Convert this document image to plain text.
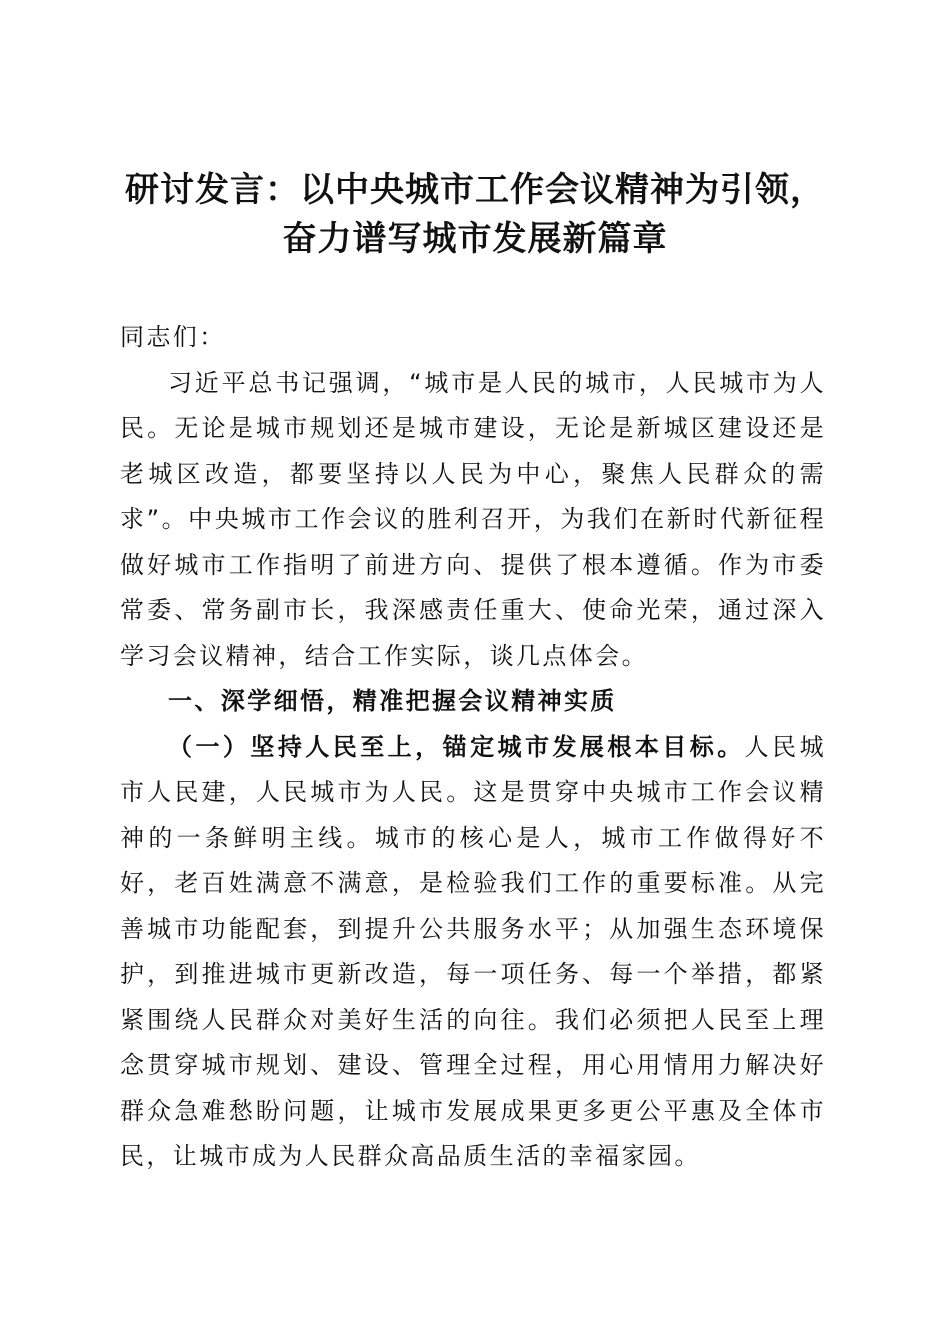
研讨发言：以中央城市工作会议精神为引领，
奋力谱写城市发展新篇章

同志们：

习近平总书记强调，“城市是人民的城市，人民城市为人民。无论是城市规划还是城市建设，无论是新城区建设还是老城区改造，都要坚持以人民为中心，聚焦人民群众的需求”。中央城市工作会议的胜利召开，为我们在新时代新征程做好城市工作指明了前进方向、提供了根本遵循。作为市委常委、常务副市长，我深感责任重大、使命光荣，通过深入学习会议精神，结合工作实际，谈几点体会。

一、深学细悟，精准把握会议精神实质

（一）坚持人民至上，锚定城市发展根本目标。人民城市人民建，人民城市为人民。这是贯穿中央城市工作会议精神的一条鲜明主线。城市的核心是人，城市工作做得好不好，老百姓满意不满意，是检验我们工作的重要标准。从完善城市功能配套，到提升公共服务水平；从加强生态环境保护，到推进城市更新改造，每一项任务、每一个举措，都紧紧围绕人民群众对美好生活的向往。我们必须把人民至上理念贯穿城市规划、建设、管理全过程，用心用情用力解决好群众急难愁盼问题，让城市发展成果更多更公平惠及全体市民，让城市成为人民群众高品质生活的幸福家园。
